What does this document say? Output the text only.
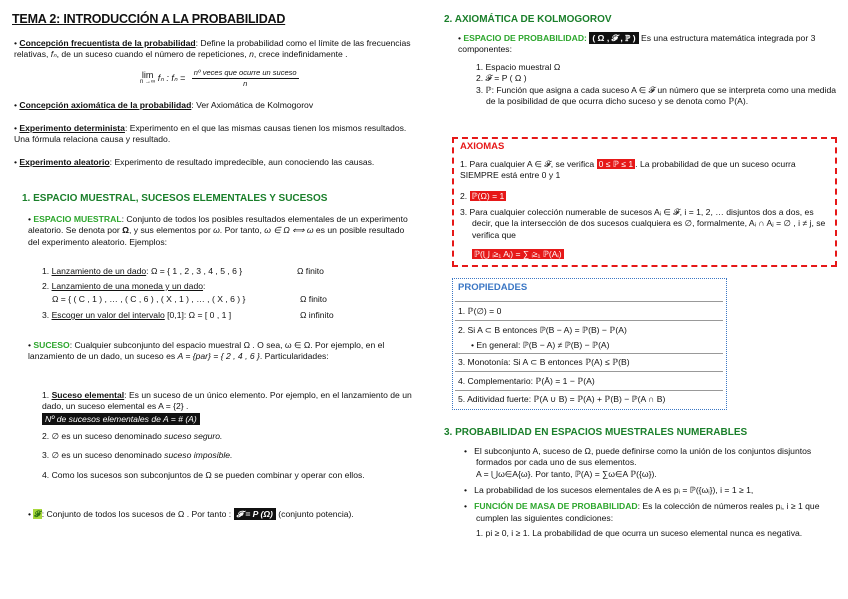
TEMA 2: INTRODUCCIÓN A LA PROBABILIDAD
• Concepción frecuentista de la probabilidad: Define la probabilidad como el límite de las frecuencias relativas, fₙ, de un suceso cuando el número de repeticiones, n, crece indefinidamente .
lim
n →∞ fₙ : $f_n = \frac{\text{nº veces que ocurre un suceso}}{n}$
• Concepción axiomática de la probabilidad: Ver Axiomática de Kolmogorov
• Experimento determinista: Experimento en el que las mismas causas tienen los mismos resultados. Una fórmula relaciona causa y resultado.
• Experimento aleatorio: Experimento de resultado impredecible, aun conociendo las causas.
1. ESPACIO MUESTRAL, SUCESOS ELEMENTALES Y SUCESOS
• ESPACIO MUESTRAL: Conjunto de todos los posibles resultados elementales de un experimento aleatorio. Se denota por Ω, y sus elementos por ω. Por tanto, ω ∈ Ω ⟺ ω es un posible resultado del experimento aleatorio. Ejemplos:
1. Lanzamiento de un dado: Ω = { 1 , 2 , 3 , 4 , 5 , 6 }	Ω finito
2. Lanzamiento de una moneda y un dado:
Ω = { ( C , 1 ) , … , ( C , 6 ) , ( X , 1 ) , … , ( X , 6 ) }	Ω finito
3. Escoger un valor del intervalo [0,1]: Ω = [ 0 , 1 ]	Ω infinito
• SUCESO: Cualquier subconjunto del espacio muestral Ω . O sea, ω ∈ Ω. Por ejemplo, en el lanzamiento de un dado, un suceso es A = {par} = { 2 , 4 , 6 }. Particularidades:
1. Suceso elemental: Es un suceso de un único elemento. Por ejemplo, en el lanzamiento de un dado, un suceso elemental es A = {2} .
Nº de sucesos elementales de A = # (A)
2. ∅ es un suceso denominado suceso seguro.
3. ∅ es un suceso denominado suceso imposible.
4. Como los sucesos son subconjuntos de Ω se pueden combinar y operar con ellos.
• 𝓕: Conjunto de todos los sucesos de Ω . Por tanto : 𝓕 = P (Ω) (conjunto potencia).
2. AXIOMÁTICA DE KOLMOGOROV
• ESPACIO DE PROBABILIDAD: ( Ω , 𝓕 , ℙ ) Es una estructura matemática integrada por 3 componentes:
1. Espacio muestral Ω
2. 𝓕 = P ( Ω )
3. ℙ: Función que asigna a cada suceso A ∈ 𝓕 un número que se interpreta como una medida de la posibilidad de que ocurra dicho suceso y se denota como ℙ(A).
AXIOMAS
1. Para cualquier A ∈ 𝓕, se verifica 0 ≤ ℙ ≤ 1 . La probabilidad de que un suceso ocurra SIEMPRE está entre 0 y 1
2. ℙ(Ω) = 1
3. Para cualquier colección numerable de sucesos Aᵢ ∈ 𝓕, i = 1, 2, … disjuntos dos a dos, es decir, que la intersección de dos sucesos cualquiera es ∅, formalmente, Aᵢ ∩ Aⱼ = ∅ , i ≠ j, se verifica que
ℙ(⋃ ᵢ≥₁ Aᵢ) = ∑ ᵢ≥₁ ℙ(Aᵢ)
PROPIEDADES
1. ℙ(∅) = 0
2. Si A ⊂ B entonces ℙ(B − A) = ℙ(B) − ℙ(A)
• En general: ℙ(B − A) ≠ ℙ(B) − ℙ(A)
3. Monotonía: Si A ⊂ B entonces ℙ(A) ≤ ℙ(B)
4. Complementario: ℙ(Ā) = 1 − ℙ(A)
5. Aditividad fuerte: ℙ(A ∪ B) = ℙ(A) + ℙ(B) − ℙ(A ∩ B)
3. PROBABILIDAD EN ESPACIOS MUESTRALES NUMERABLES
•   El subconjunto A, suceso de Ω, puede definirse como la unión de los conjuntos disjuntos formados por cada uno de sus elementos.
A = ⋃ω∈A{ω}. Por tanto, ℙ(A) = ∑ω∈A ℙ({ω}).
•   La probabilidad de los sucesos elementales de A es pᵢ = ℙ({ωᵢ}), i = 1 ≥ 1,
•   FUNCIÓN DE MASA DE PROBABILIDAD: Es la colección de números reales pᵢ, i ≥ 1 que cumplen las siguientes condiciones:
1. pi ≥ 0, i ≥ 1. La probabilidad de que ocurra un suceso elemental nunca es negativa.
